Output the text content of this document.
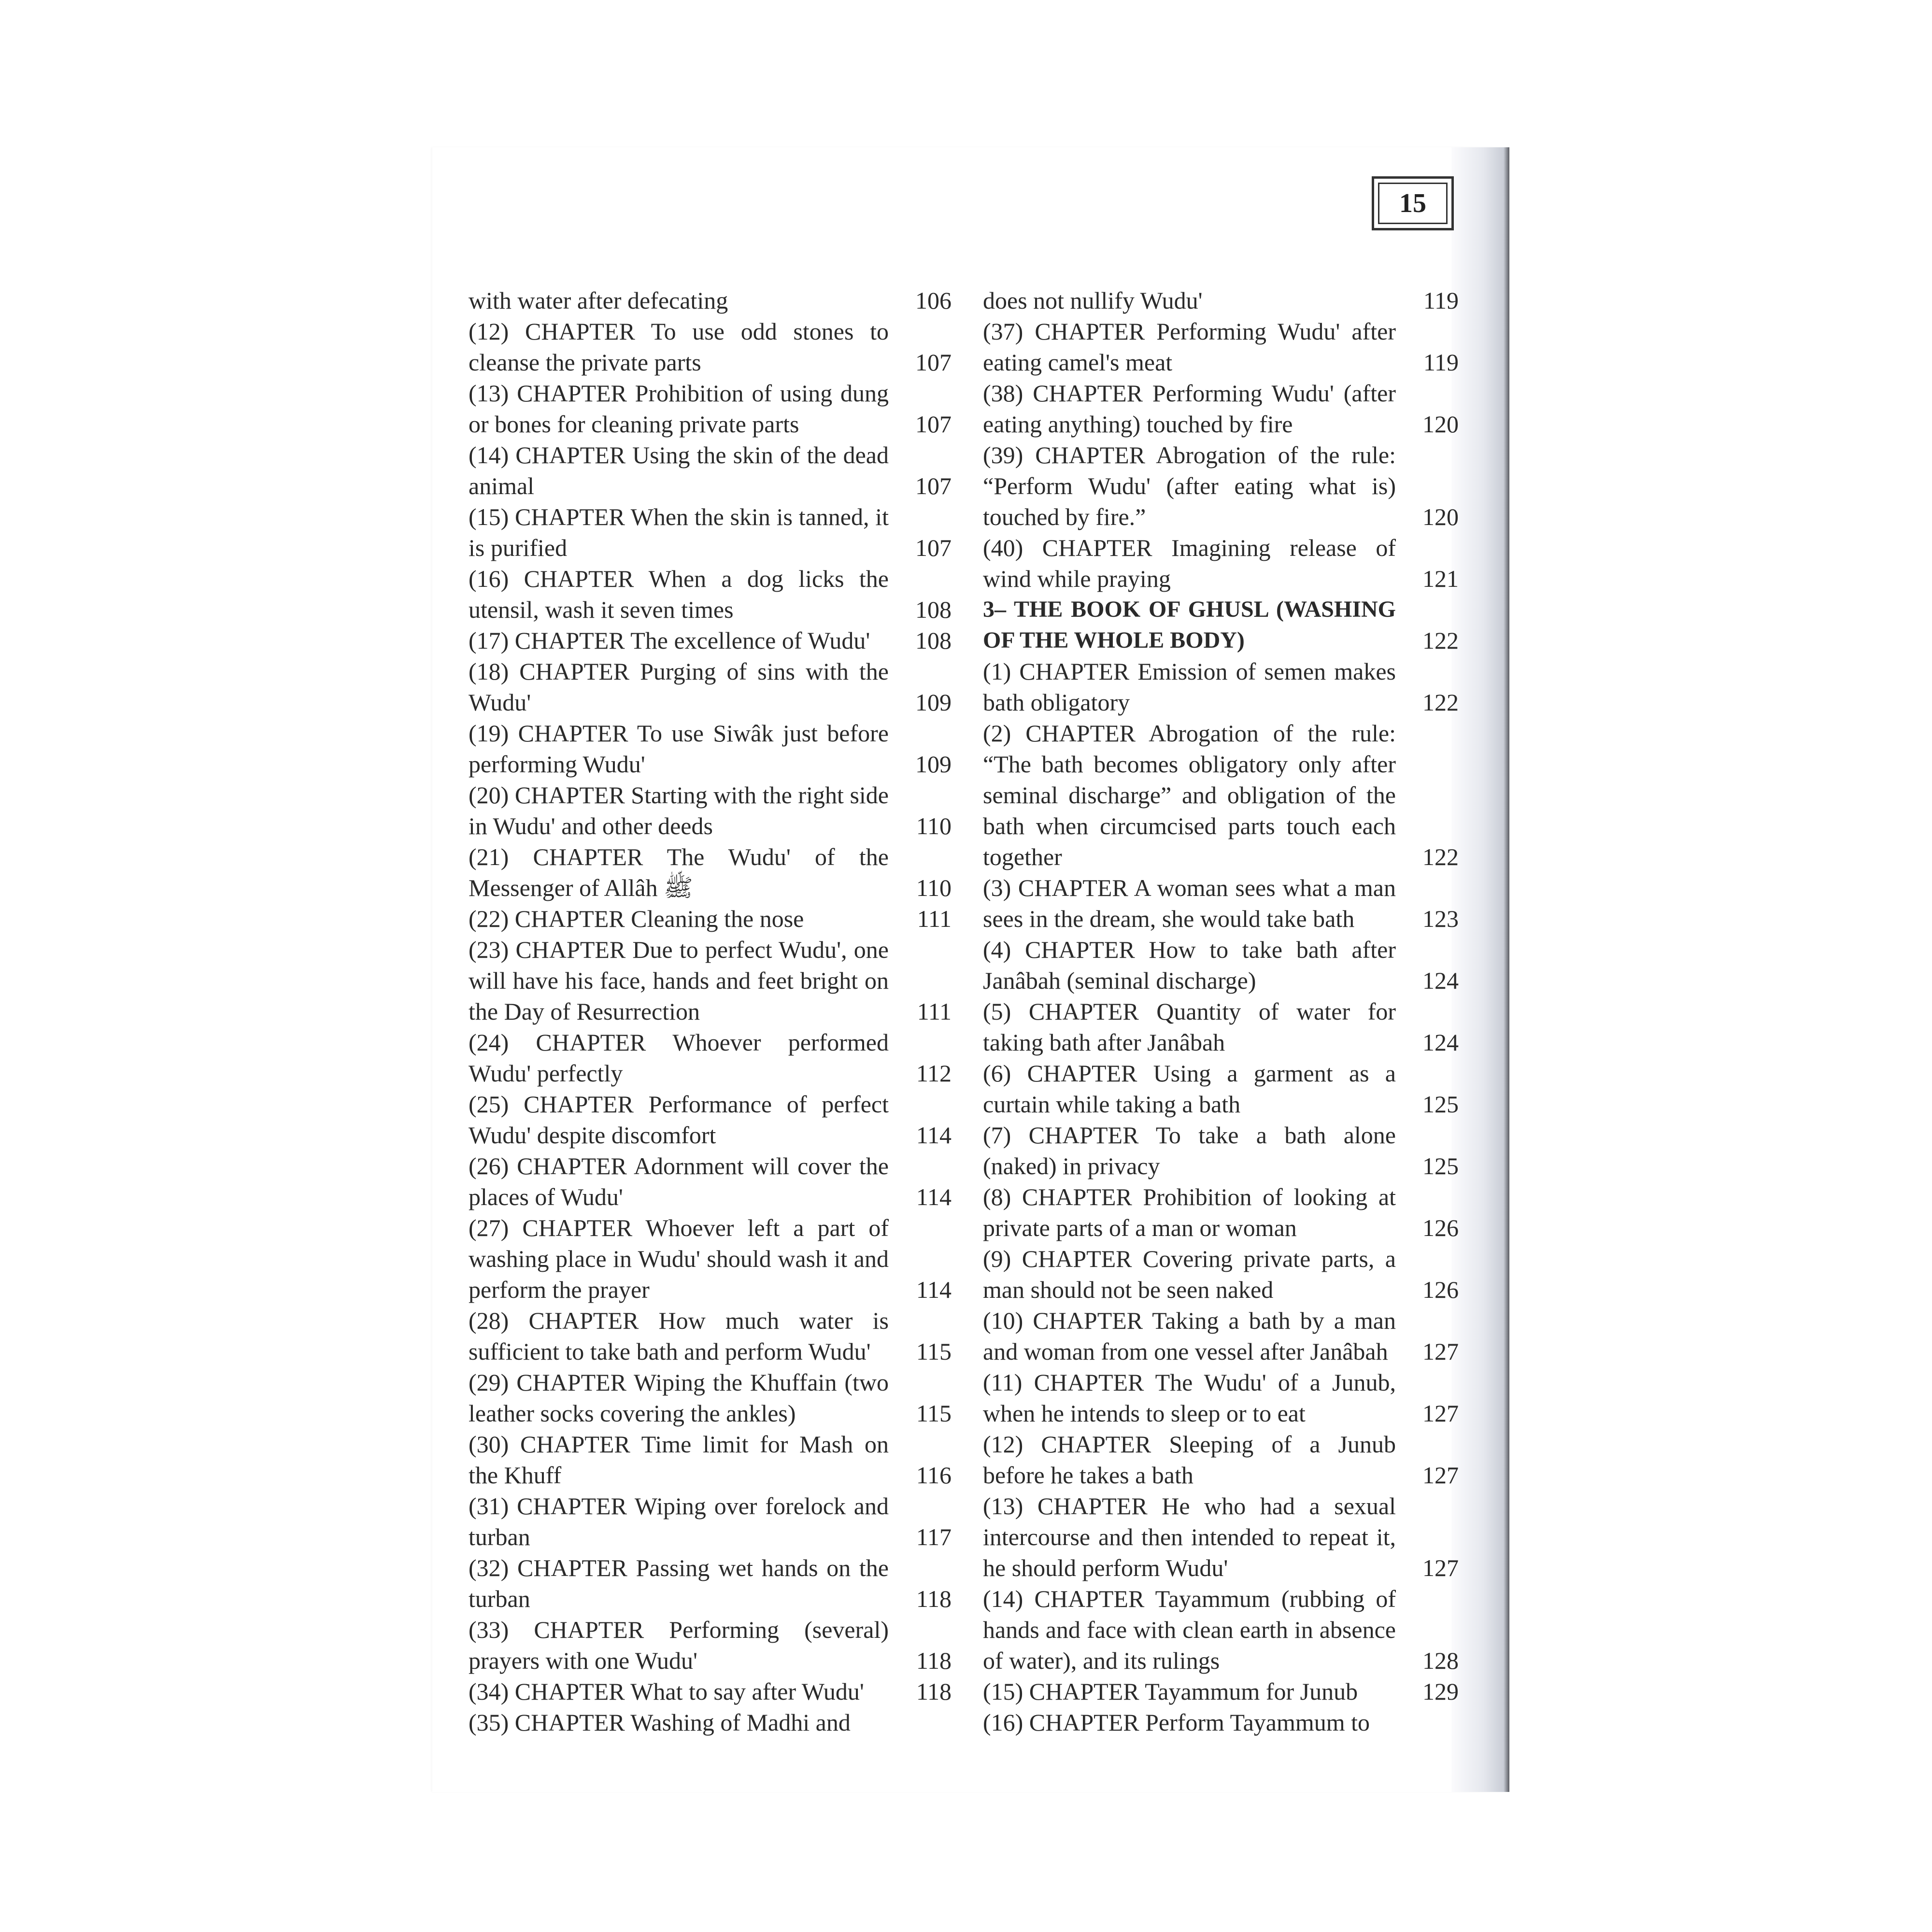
15
with water after defecating	106
(12) CHAPTER To use odd stones to cleanse the private parts	107
(13) CHAPTER Prohibition of using dung or bones for cleaning private parts	107
(14) CHAPTER Using the skin of the dead animal	107
(15) CHAPTER When the skin is tanned, it is purified	107
(16) CHAPTER When a dog licks the utensil, wash it seven times	108
(17) CHAPTER The excellence of Wudu'	108
(18) CHAPTER Purging of sins with the Wudu'	109
(19) CHAPTER To use Siwâk just before performing Wudu'	109
(20) CHAPTER Starting with the right side in Wudu' and other deeds	110
(21) CHAPTER The Wudu' of the Messenger of Allâh ﷺ	110
(22) CHAPTER Cleaning the nose	111
(23) CHAPTER Due to perfect Wudu', one will have his face, hands and feet bright on the Day of Resurrection	111
(24) CHAPTER Whoever performed Wudu' perfectly	112
(25) CHAPTER Performance of perfect Wudu' despite discomfort	114
(26) CHAPTER Adornment will cover the places of Wudu'	114
(27) CHAPTER Whoever left a part of washing place in Wudu' should wash it and perform the prayer	114
(28) CHAPTER How much water is sufficient to take bath and perform Wudu'	115
(29) CHAPTER Wiping the Khuffain (two leather socks covering the ankles)	115
(30) CHAPTER Time limit for Mash on the Khuff	116
(31) CHAPTER Wiping over forelock and turban	117
(32) CHAPTER Passing wet hands on the turban	118
(33) CHAPTER Performing (several) prayers with one Wudu'	118
(34) CHAPTER What to say after Wudu'	118
(35) CHAPTER Washing of Madhi and
does not nullify Wudu'	119
(37) CHAPTER Performing Wudu' after eating camel's meat	119
(38) CHAPTER Performing Wudu' (after eating anything) touched by fire	120
(39) CHAPTER Abrogation of the rule: “Perform Wudu' (after eating what is) touched by fire.”	120
(40) CHAPTER Imagining release of wind while praying	121
3– THE BOOK OF GHUSL (WASHING OF THE WHOLE BODY)	122
(1) CHAPTER Emission of semen makes bath obligatory	122
(2) CHAPTER Abrogation of the rule: “The bath becomes obligatory only after seminal discharge” and obligation of the bath when circumcised parts touch each together	122
(3) CHAPTER A woman sees what a man sees in the dream, she would take bath	123
(4) CHAPTER How to take bath after Janâbah (seminal discharge)	124
(5) CHAPTER Quantity of water for taking bath after Janâbah	124
(6) CHAPTER Using a garment as a curtain while taking a bath	125
(7) CHAPTER To take a bath alone (naked) in privacy	125
(8) CHAPTER Prohibition of looking at private parts of a man or woman	126
(9) CHAPTER Covering private parts, a man should not be seen naked	126
(10) CHAPTER Taking a bath by a man and woman from one vessel after Janâbah	127
(11) CHAPTER The Wudu' of a Junub, when he intends to sleep or to eat	127
(12) CHAPTER Sleeping of a Junub before he takes a bath	127
(13) CHAPTER He who had a sexual intercourse and then intended to repeat it, he should perform Wudu'	127
(14) CHAPTER Tayammum (rubbing of hands and face with clean earth in absence of water), and its rulings	128
(15) CHAPTER Tayammum for Junub	129
(16) CHAPTER Perform Tayammum to
